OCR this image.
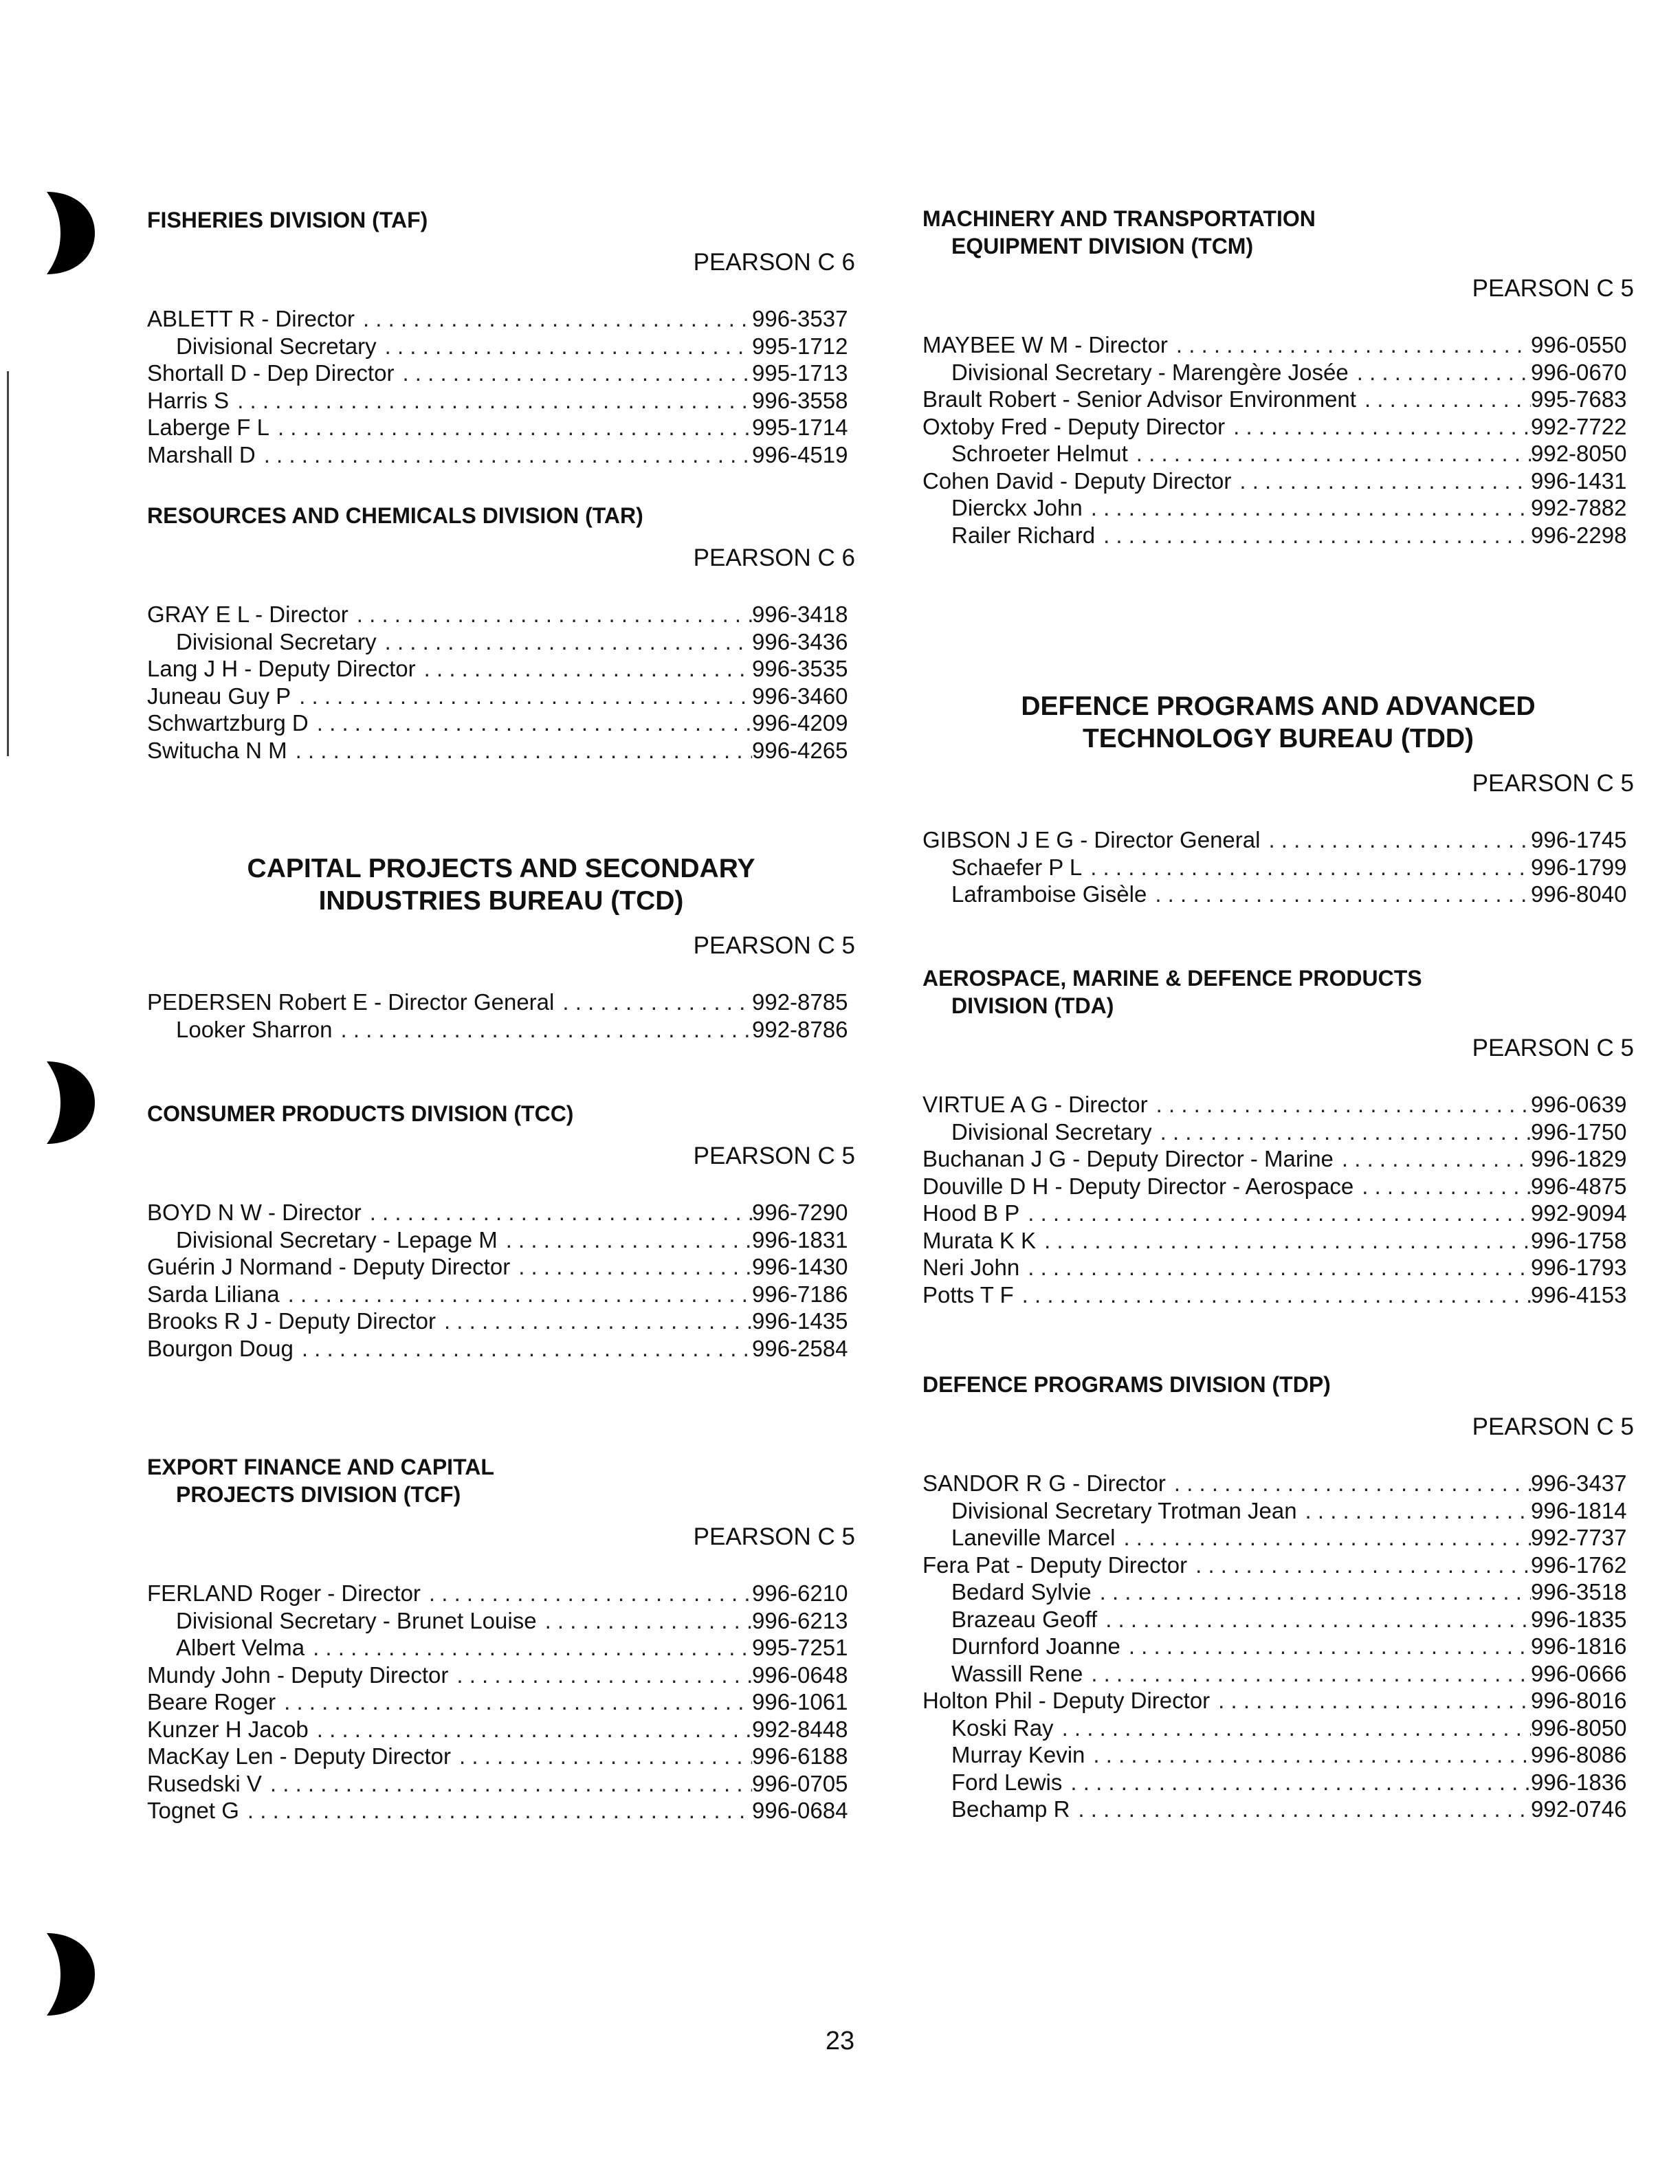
FISHERIES DIVISION (TAF)
PEARSON C 6
ABLETT R - Director . . .	996-3537
Divisional Secretary . . .	995-1712
Shortall D - Dep Director . . .	995-1713
Harris S . . .	996-3558
Laberge F L . . .	995-1714
Marshall D . . .	996-4519
RESOURCES AND CHEMICALS DIVISION (TAR)
PEARSON C 6
GRAY E L - Director . . .	996-3418
Divisional Secretary . . .	996-3436
Lang J H - Deputy Director . . .	996-3535
Juneau Guy P . . .	996-3460
Schwartzburg D . . .	996-4209
Switucha N M . . .	996-4265
CAPITAL PROJECTS AND SECONDARY
INDUSTRIES BUREAU (TCD)
PEARSON C 5
PEDERSEN Robert E - Director General . . .	992-8785
Looker Sharron . . .	992-8786
CONSUMER PRODUCTS DIVISION (TCC)
PEARSON C 5
BOYD N W - Director . . .	996-7290
Divisional Secretary - Lepage M . . .	996-1831
Guérin J Normand - Deputy Director . . .	996-1430
Sarda Liliana . . .	996-7186
Brooks R J - Deputy Director . . .	996-1435
Bourgon Doug . . .	996-2584
EXPORT FINANCE AND CAPITAL
PROJECTS DIVISION (TCF)
PEARSON C 5
FERLAND Roger - Director . . .	996-6210
Divisional Secretary - Brunet Louise . . .	996-6213
Albert Velma . . .	995-7251
Mundy John - Deputy Director . . .	996-0648
Beare Roger . . .	996-1061
Kunzer H Jacob . . .	992-8448
MacKay Len - Deputy Director . . .	996-6188
Rusedski V . . .	996-0705
Tognet G . . .	996-0684
MACHINERY AND TRANSPORTATION
EQUIPMENT DIVISION (TCM)
PEARSON C 5
MAYBEE W M - Director . . .	996-0550
Divisional Secretary - Marengère Josée . . .	996-0670
Brault Robert - Senior Advisor Environment . . .	995-7683
Oxtoby Fred - Deputy Director . . .	992-7722
Schroeter Helmut . . .	992-8050
Cohen David - Deputy Director . . .	996-1431
Dierckx John . . .	992-7882
Railer Richard . . .	996-2298
DEFENCE PROGRAMS AND ADVANCED
TECHNOLOGY BUREAU (TDD)
PEARSON C 5
GIBSON J E G - Director General . . .	996-1745
Schaefer P L . . .	996-1799
Laframboise Gisèle . . .	996-8040
AEROSPACE, MARINE & DEFENCE PRODUCTS
DIVISION (TDA)
PEARSON C 5
VIRTUE A G - Director . . .	996-0639
Divisional Secretary . . .	996-1750
Buchanan J G - Deputy Director - Marine . . .	996-1829
Douville D H - Deputy Director - Aerospace . . .	996-4875
Hood B P . . .	992-9094
Murata K K . . .	996-1758
Neri John . . .	996-1793
Potts T F . . .	996-4153
DEFENCE PROGRAMS DIVISION (TDP)
PEARSON C 5
SANDOR R G - Director . . .	996-3437
Divisional Secretary Trotman Jean . . .	996-1814
Laneville Marcel . . .	992-7737
Fera Pat - Deputy Director . . .	996-1762
Bedard Sylvie . . .	996-3518
Brazeau Geoff . . .	996-1835
Durnford Joanne . . .	996-1816
Wassill Rene . . .	996-0666
Holton Phil - Deputy Director . . .	996-8016
Koski Ray . . .	996-8050
Murray Kevin . . .	996-8086
Ford Lewis . . .	996-1836
Bechamp R . . .	992-0746
23
